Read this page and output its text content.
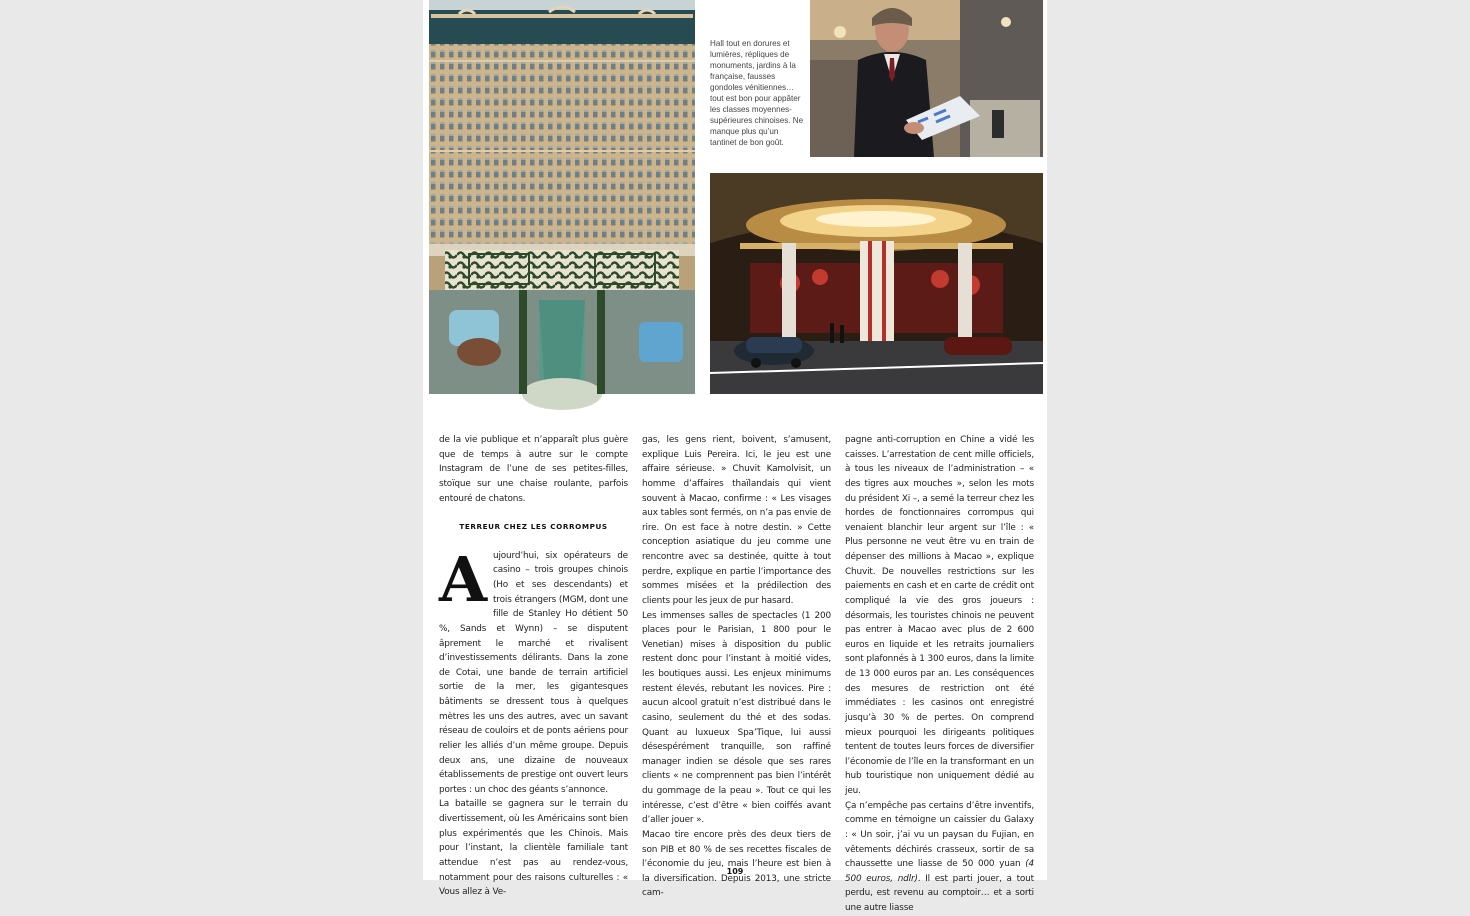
Hall tout en dorures et lumières, répliques de monuments, jardins à la française, fausses gondoles vénitiennes… tout est bon pour appâter les classes moyennes-supérieures chinoises. Ne manque plus qu’un tantinet de bon goût.

de la vie publique et n’apparaît plus guère que de temps à autre sur le compte Instagram de l’une de ses petites-filles, stoïque sur une chaise roulante, parfois entouré de chatons.

TERREUR CHEZ LES CORROMPUS

Aujourd’hui, six opérateurs de casino – trois groupes chinois (Ho et ses descendants) et trois étrangers (MGM, dont une fille de Stanley Ho détient 50 %, Sands et Wynn) – se disputent âprement le marché et rivalisent d’investissements délirants. Dans la zone de Cotai, une bande de terrain artificiel sortie de la mer, les gigantesques bâtiments se dressent tous à quelques mètres les uns des autres, avec un savant réseau de couloirs et de ponts aériens pour relier les alliés d’un même groupe. Depuis deux ans, une dizaine de nouveaux établissements de prestige ont ouvert leurs portes : un choc des géants s’annonce.

La bataille se gagnera sur le terrain du divertissement, où les Américains sont bien plus expérimentés que les Chinois. Mais pour l’instant, la clientèle familiale tant attendue n’est pas au rendez-vous, notamment pour des raisons culturelles : « Vous allez à Ve-

gas, les gens rient, boivent, s’amusent, explique Luis Pereira. Ici, le jeu est une affaire sérieuse. » Chuvit Kamolvisit, un homme d’affaires thaïlandais qui vient souvent à Macao, confirme : « Les visages aux tables sont fermés, on n’a pas envie de rire. On est face à notre destin. » Cette conception asiatique du jeu comme une rencontre avec sa destinée, quitte à tout perdre, explique en partie l’importance des sommes misées et la prédilection des clients pour les jeux de pur hasard.

Les immenses salles de spectacles (1 200 places pour le Parisian, 1 800 pour le Venetian) mises à disposition du public restent donc pour l’instant à moitié vides, les boutiques aussi. Les enjeux minimums restent élevés, rebutant les novices. Pire : aucun alcool gratuit n’est distribué dans le casino, seulement du thé et des sodas. Quant au luxueux Spa’Tique, lui aussi désespérément tranquille, son raffiné manager indien se désole que ses rares clients « ne comprennent pas bien l’intérêt du gommage de la peau ». Tout ce qui les intéresse, c’est d’être « bien coiffés avant d’aller jouer ».

Macao tire encore près des deux tiers de son PIB et 80 % de ses recettes fiscales de l’économie du jeu, mais l’heure est bien à la diversification. Depuis 2013, une stricte cam-

pagne anti-corruption en Chine a vidé les caisses. L’arrestation de cent mille officiels, à tous les niveaux de l’administration – « des tigres aux mouches », selon les mots du président Xi –, a semé la terreur chez les hordes de fonctionnaires corrompus qui venaient blanchir leur argent sur l’île : « Plus personne ne veut être vu en train de dépenser des millions à Macao », explique Chuvit. De nouvelles restrictions sur les paiements en cash et en carte de crédit ont compliqué la vie des gros joueurs : désormais, les touristes chinois ne peuvent pas entrer à Macao avec plus de 2 600 euros en liquide et les retraits journaliers sont plafonnés à 1 300 euros, dans la limite de 13 000 euros par an. Les conséquences des mesures de restriction ont été immédiates : les casinos ont enregistré jusqu’à 30 % de pertes. On comprend mieux pourquoi les dirigeants politiques tentent de toutes leurs forces de diversifier l’économie de l’île en la transformant en un hub touristique non uniquement dédié au jeu.

Ça n’empêche pas certains d’être inventifs, comme en témoigne un caissier du Galaxy : « Un soir, j’ai vu un paysan du Fujian, en vêtements déchirés crasseux, sortir de sa chaussette une liasse de 50 000 yuan (4 500 euros, ndlr). Il est parti jouer, a tout perdu, est revenu au comptoir… et a sorti une autre liasse

109
